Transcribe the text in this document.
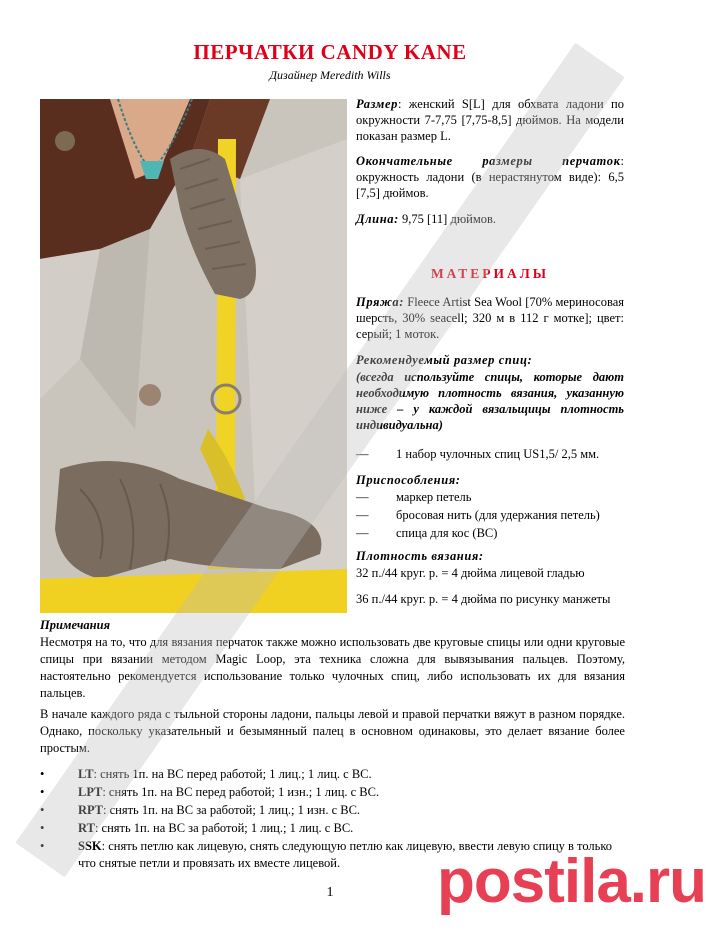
ПЕРЧАТКИ CANDY KANE
Дизайнер Meredith Wills
Размер: женский S[L] для обхвата ладони по окружности 7-7,75 [7,75-8,5] дюймов. На модели показан размер L.
Окончательные размеры перчаток: окружность ладони (в нерастянутом виде): 6,5 [7,5] дюймов.
Длина: 9,75 [11] дюймов.
МАТЕРИАЛЫ
Пряжа: Fleece Artist Sea Wool [70% мериносовая шерсть, 30% seacell; 320 м в 112 г мотке]; цвет: серый; 1 моток.
Рекомендуемый размер спиц:
(всегда используйте спицы, которые дают необходимую плотность вязания, указанную ниже – у каждой вязальщицы плотность индивидуальна)
— 1 набор чулочных спиц US1,5/ 2,5 мм.
Приспособления:
— маркер петель
— бросовая нить (для удержания петель)
— спица для кос (ВС)
Плотность вязания:
32 п./44 круг. р. = 4 дюйма лицевой гладью
36 п./44 круг. р. = 4 дюйма по рисунку манжеты
Примечания
Несмотря на то, что для вязания перчаток также можно использовать две круговые спицы или одни круговые спицы при вязании методом Magic Loop, эта техника сложна для вывязывания пальцев. Поэтому, настоятельно рекомендуется использование только чулочных спиц, либо использовать их для вязания пальцев.
В начале каждого ряда с тыльной стороны ладони, пальцы левой и правой перчатки вяжут в разном порядке. Однако, поскольку указательный и безымянный палец в основном одинаковы, это делает вязание более простым.
•	LT: снять 1п. на ВС перед работой; 1 лиц.; 1 лиц. с ВС.
•	LPT: снять 1п. на ВС перед работой; 1 изн.; 1 лиц. с ВС.
•	RPT: снять 1п. на ВС за работой; 1 лиц.; 1 изн. с ВС.
•	RT: снять 1п. на ВС за работой; 1 лиц.; 1 лиц. с ВС.
•	SSK: снять петлю как лицевую, снять следующую петлю как лицевую, ввести левую спицу в только что снятые петли и провязать их вместе лицевой.
1	postila.ru
